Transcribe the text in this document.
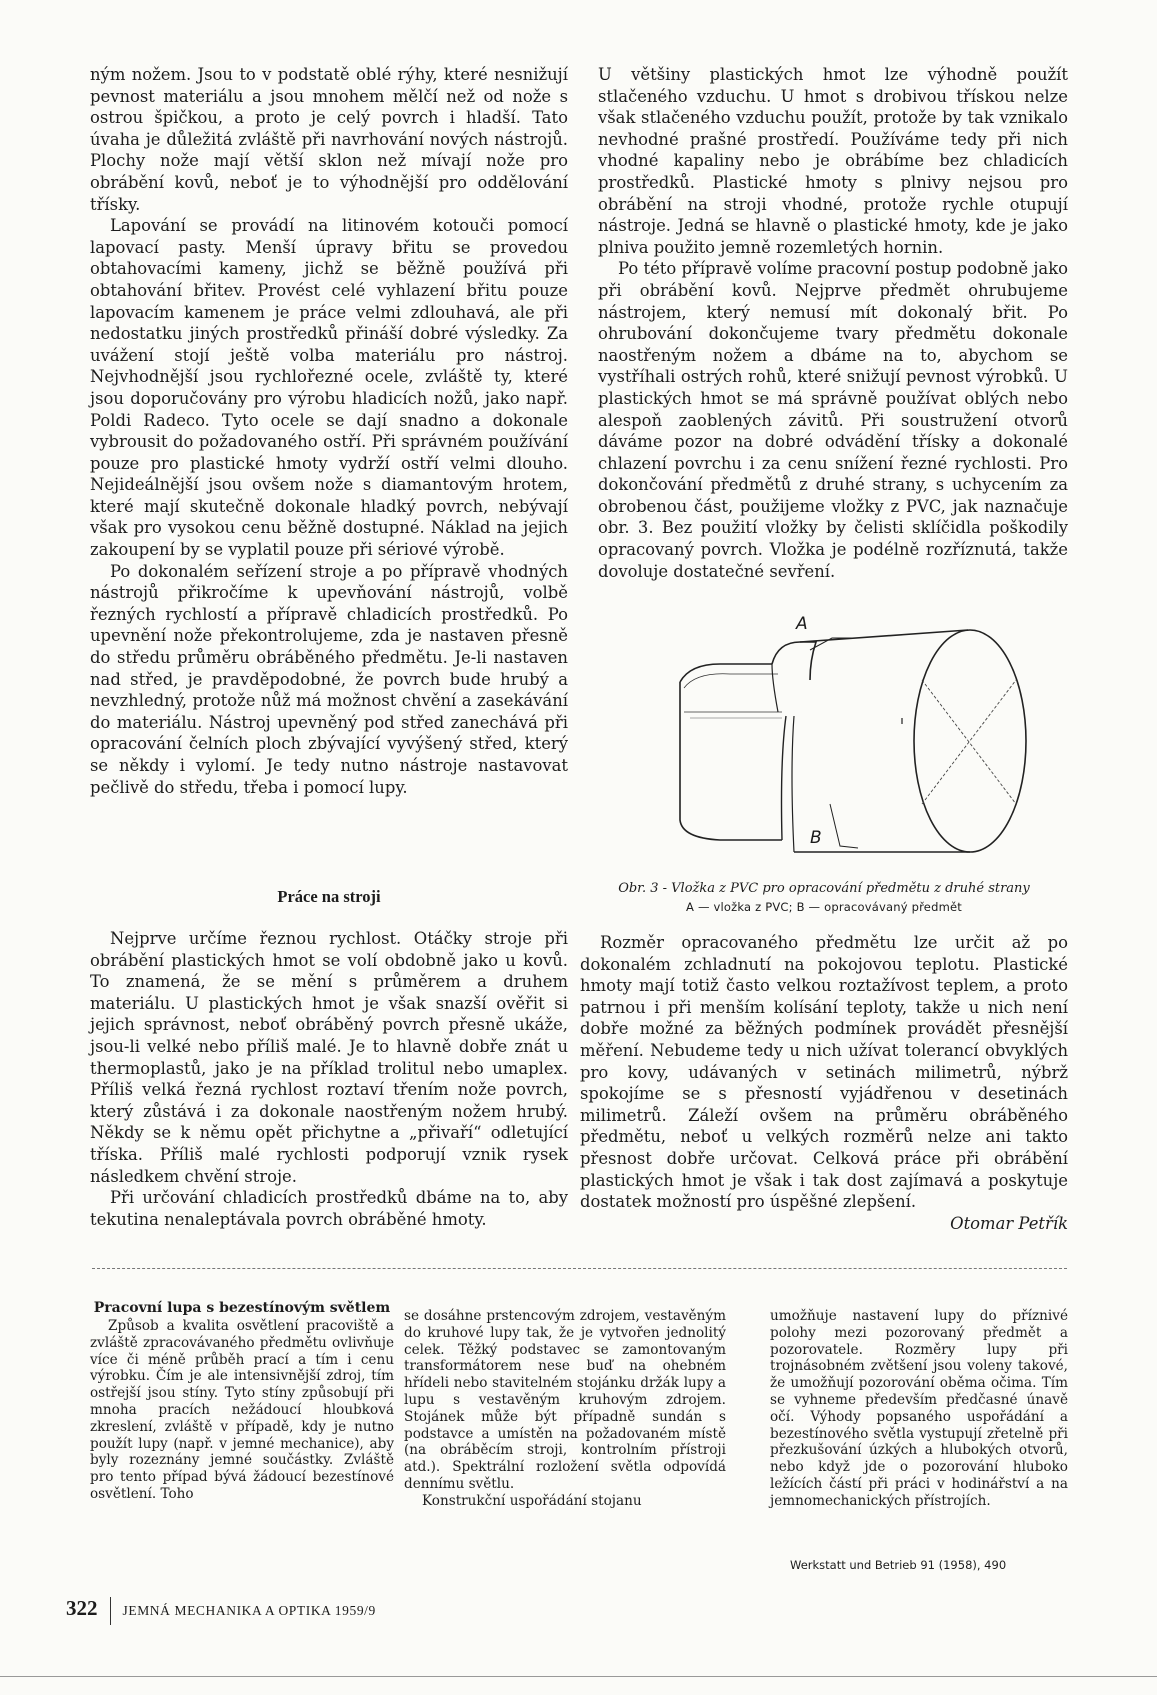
ným nožem. Jsou to v podstatě oblé rýhy, které nesnižují pevnost materiálu a jsou mnohem mělčí než od nože s ostrou špičkou, a proto je celý povrch i hladší. Tato úvaha je důležitá zvláště při navrhování nových nástrojů. Plochy nože mají větší sklon než mívají nože pro obrábění kovů, neboť je to výhodnější pro oddělování třísky.

Lapování se provádí na litinovém kotouči pomocí lapovací pasty. Menší úpravy břitu se provedou obtahovacími kameny, jichž se běžně používá při obtahování břitev. Provést celé vyhlazení břitu pouze lapovacím kamenem je práce velmi zdlouhavá, ale při nedostatku jiných prostředků přináší dobré výsledky. Za uvážení stojí ještě volba materiálu pro nástroj. Nejvhodnější jsou rychlořezné ocele, zvláště ty, které jsou doporučovány pro výrobu hladicích nožů, jako např. Poldi Radeco. Tyto ocele se dají snadno a dokonale vybrousit do požadovaného ostří. Při správném používání pouze pro plastické hmoty vydrží ostří velmi dlouho. Nejideálnější jsou ovšem nože s diamantovým hrotem, které mají skutečně dokonale hladký povrch, nebývají však pro vysokou cenu běžně dostupné. Náklad na jejich zakoupení by se vyplatil pouze při sériové výrobě.

Po dokonalém seřízení stroje a po přípravě vhodných nástrojů přikročíme k upevňování nástrojů, volbě řezných rychlostí a přípravě chladicích prostředků. Po upevnění nože překontrolujeme, zda je nastaven přesně do středu průměru obráběného předmětu. Je-li nastaven nad střed, je pravděpodobné, že povrch bude hrubý a nevzhledný, protože nůž má možnost chvění a zasekávání do materiálu. Nástroj upevněný pod střed zanechává při opracování čelních ploch zbývající vyvýšený střed, který se někdy i vylomí. Je tedy nutno nástroje nastavovat pečlivě do středu, třeba i pomocí lupy.

Práce na stroji

Nejprve určíme řeznou rychlost. Otáčky stroje při obrábění plastických hmot se volí obdobně jako u kovů. To znamená, že se mění s průměrem a druhem materiálu. U plastických hmot je však snazší ověřit si jejich správnost, neboť obráběný povrch přesně ukáže, jsou-li velké nebo příliš malé. Je to hlavně dobře znát u thermoplastů, jako je na příklad trolitul nebo umaplex. Příliš velká řezná rychlost roztaví třením nože povrch, který zůstává i za dokonale naostřeným nožem hrubý. Někdy se k němu opět přichytne a „přivaří“ odletující tříska. Příliš malé rychlosti podporují vznik rysek následkem chvění stroje.

Při určování chladicích prostředků dbáme na to, aby tekutina nenaleptávala povrch obráběné hmoty.

U většiny plastických hmot lze výhodně použít stlačeného vzduchu. U hmot s drobivou třískou nelze však stlačeného vzduchu použít, protože by tak vznikalo nevhodné prašné prostředí. Používáme tedy při nich vhodné kapaliny nebo je obrábíme bez chladicích prostředků. Plastické hmoty s plnivy nejsou pro obrábění na stroji vhodné, protože rychle otupují nástroje. Jedná se hlavně o plastické hmoty, kde je jako plniva použito jemně rozemletých hornin.

Po této přípravě volíme pracovní postup podobně jako při obrábění kovů. Nejprve předmět ohrubujeme nástrojem, který nemusí mít dokonalý břit. Po ohrubování dokončujeme tvary předmětu dokonale naostřeným nožem a dbáme na to, abychom se vystříhali ostrých rohů, které snižují pevnost výrobků. U plastických hmot se má správně používat oblých nebo alespoň zaoblených závitů. Při soustružení otvorů dáváme pozor na dobré odvádění třísky a dokonalé chlazení povrchu i za cenu snížení řezné rychlosti. Pro dokončování předmětů z druhé strany, s uchycením za obrobenou část, použijeme vložky z PVC, jak naznačuje obr. 3. Bez použití vložky by čelisti sklíčidla poškodily opracovaný povrch. Vložka je podélně rozříznutá, takže dovoluje dostatečné sevření.

A
B
Obr. 3 - Vložka z PVC pro opracování předmětu z druhé strany
A — vložka z PVC; B — opracovávaný předmět

Rozměr opracovaného předmětu lze určit až po dokonalém zchladnutí na pokojovou teplotu. Plastické hmoty mají totiž často velkou roztažívost teplem, a proto patrnou i při menším kolísání teploty, takže u nich není dobře možné za běžných podmínek provádět přesnější měření. Nebudeme tedy u nich užívat tolerancí obvyklých pro kovy, udávaných v setinách milimetrů, nýbrž spokojíme se s přesností vyjádřenou v desetinách milimetrů. Záleží ovšem na průměru obráběného předmětu, neboť u velkých rozměrů nelze ani takto přesnost dobře určovat. Celková práce při obrábění plastických hmot je však i tak dost zajímavá a poskytuje dostatek možností pro úspěšné zlepšení.

Otomar Petřík
Pracovní lupa s bezestínovým světlem

Způsob a kvalita osvětlení pracoviště a zvláště zpracovávaného předmětu ovlivňuje více či méně průběh prací a tím i cenu výrobku. Čím je ale intensivnější zdroj, tím ostřejší jsou stíny. Tyto stíny způsobují při mnoha pracích nežádoucí hloubková zkreslení, zvláště v případě, kdy je nutno použít lupy (např. v jemné mechanice), aby byly rozeznány jemné součástky. Zvláště pro tento případ bývá žádoucí bezestínové osvětlení. Toho

se dosáhne prstencovým zdrojem, vestavěným do kruhové lupy tak, že je vytvořen jednolitý celek. Těžký podstavec se zamontovaným transformátorem nese buď na ohebném hřídeli nebo stavitelném stojánku držák lupy a lupu s vestavěným kruhovým zdrojem. Stojánek může být případně sundán s podstavce a umístěn na požadovaném místě (na obráběcím stroji, kontrolním přístroji atd.). Spektrální rozložení světla odpovídá dennímu světlu.

Konstrukční uspořádání stojanu

umožňuje nastavení lupy do příznivé polohy mezi pozorovaný předmět a pozorovatele. Rozměry lupy při trojnásobném zvětšení jsou voleny takové, že umožňují pozorování oběma očima. Tím se vyhneme především předčasné únavě očí. Výhody popsaného uspořádání a bezestínového světla vystupují zřetelně při přezkušování úzkých a hlubokých otvorů, nebo když jde o pozorování hluboko ležících částí při práci v hodinářství a na jemnomechanických přístrojích.

Werkstatt und Betrieb 91 (1958), 490
322 JEMNÁ MECHANIKA A OPTIKA 1959/9
